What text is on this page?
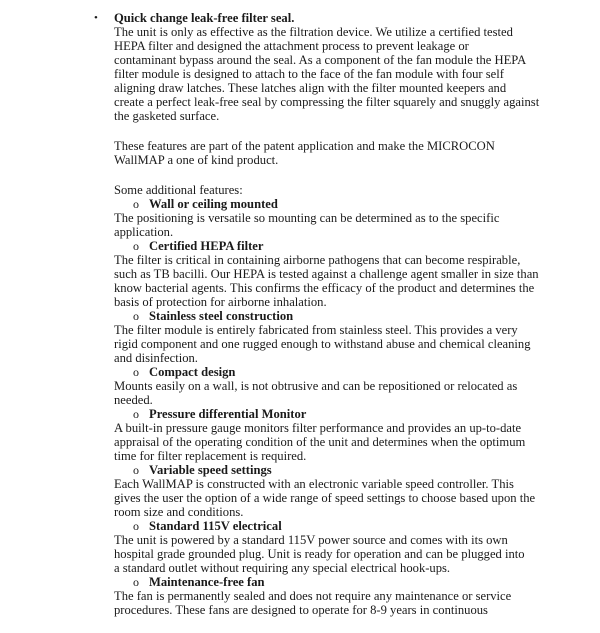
• Quick change leak-free filter seal.
The unit is only as effective as the filtration device. We utilize a certified tested
HEPA filter and designed the attachment process to prevent leakage or
contaminant bypass around the seal. As a component of the fan module the HEPA
filter module is designed to attach to the face of the fan module with four self
aligning draw latches. These latches align with the filter mounted keepers and
create a perfect leak-free seal by compressing the filter squarely and snuggly against
the gasketed surface.
These features are part of the patent application and make the MICROCON
WallMAP a one of kind product.
Some additional features:
o Wall or ceiling mounted
The positioning is versatile so mounting can be determined as to the specific
application.
o Certified HEPA filter
The filter is critical in containing airborne pathogens that can become respirable,
such as TB bacilli. Our HEPA is tested against a challenge agent smaller in size than
know bacterial agents. This confirms the efficacy of the product and determines the
basis of protection for airborne inhalation.
o Stainless steel construction
The filter module is entirely fabricated from stainless steel. This provides a very
rigid component and one rugged enough to withstand abuse and chemical cleaning
and disinfection.
o Compact design
Mounts easily on a wall, is not obtrusive and can be repositioned or relocated as
needed.
o Pressure differential Monitor
A built-in pressure gauge monitors filter performance and provides an up-to-date
appraisal of the operating condition of the unit and determines when the optimum
time for filter replacement is required.
o Variable speed settings
Each WallMAP is constructed with an electronic variable speed controller. This
gives the user the option of a wide range of speed settings to choose based upon the
room size and conditions.
o Standard 115V electrical
The unit is powered by a standard 115V power source and comes with its own
hospital grade grounded plug. Unit is ready for operation and can be plugged into
a standard outlet without requiring any special electrical hook-ups.
o Maintenance-free fan
The fan is permanently sealed and does not require any maintenance or service
procedures. These fans are designed to operate for 8-9 years in continuous
